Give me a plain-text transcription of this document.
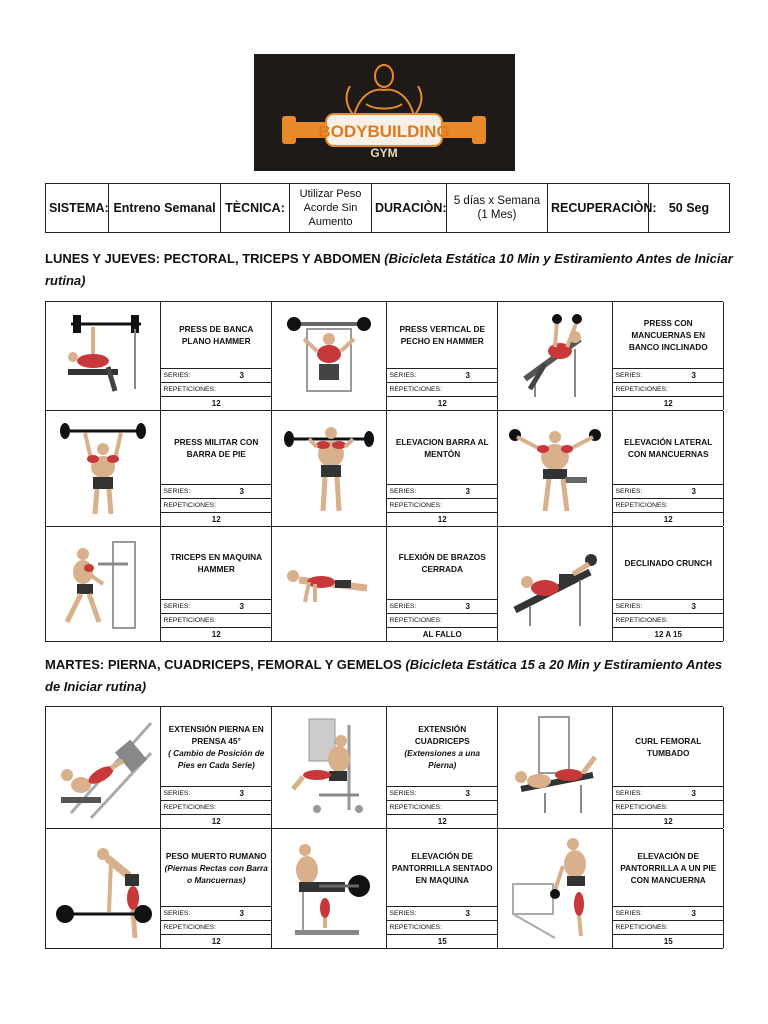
BODYBUILDING
GYM
SISTEMA:	Entreno Semanal	TÈCNICA:	Utilizar Peso Acorde Sin Aumento	DURACIÒN:	5 días x Semana (1 Mes)	RECUPERACIÒN:	50 Seg
LUNES Y JUEVES: PECTORAL, TRICEPS Y ABDOMEN (Bicicleta Estática 10 Min y Estiramiento Antes de Iniciar rutina)
PRESS DE BANCA PLANO HAMMER
SERIES:	3
REPETICIONES:
12
PRESS VERTICAL DE PECHO EN HAMMER
SERIES:	3
REPETICIONES:
12
PRESS CON MANCUERNAS EN BANCO INCLINADO
SERIES:	3
REPETICIONES:
12
PRESS MILITAR CON BARRA DE PIE
SERIES:	3
REPETICIONES:
12
ELEVACION BARRA AL MENTÓN
SERIES:	3
REPETICIONES:
12
ELEVACIÓN LATERAL CON MANCUERNAS
SERIES:	3
REPETICIONES:
12
TRICEPS EN MAQUINA HAMMER
SERIES:	3
REPETICIONES:
12
FLEXIÓN DE BRAZOS CERRADA
SERIES:	3
REPETICIONES:
AL FALLO
DECLINADO CRUNCH
SERIES:	3
REPETICIONES:
12 A 15
MARTES: PIERNA, CUADRICEPS, FEMORAL Y GEMELOS (Bicicleta Estática 15 a 20 Min y Estiramiento Antes de Iniciar rutina)
EXTENSIÓN PIERNA EN PRENSA 45°
( Cambio de Posición de Pies en Cada Serie)
SERIES:	3
REPETICIONES:
12
EXTENSIÓN CUADRICEPS
(Extensiones a una Pierna)
SERIES:	3
REPETICIONES:
12
CURL FEMORAL TUMBADO
SERIES:	3
REPETICIONES:
12
PESO MUERTO RUMANO
(Piernas Rectas con Barra o Mancuernas)
SERIES:	3
REPETICIONES:
12
ELEVACIÓN DE PANTORRILLA SENTADO EN MAQUINA
SERIES:	3
REPETICIONES:
15
ELEVACIÓN DE PANTORRILLA A UN PIE CON MANCUERNA
SERIES:	3
REPETICIONES:
15
